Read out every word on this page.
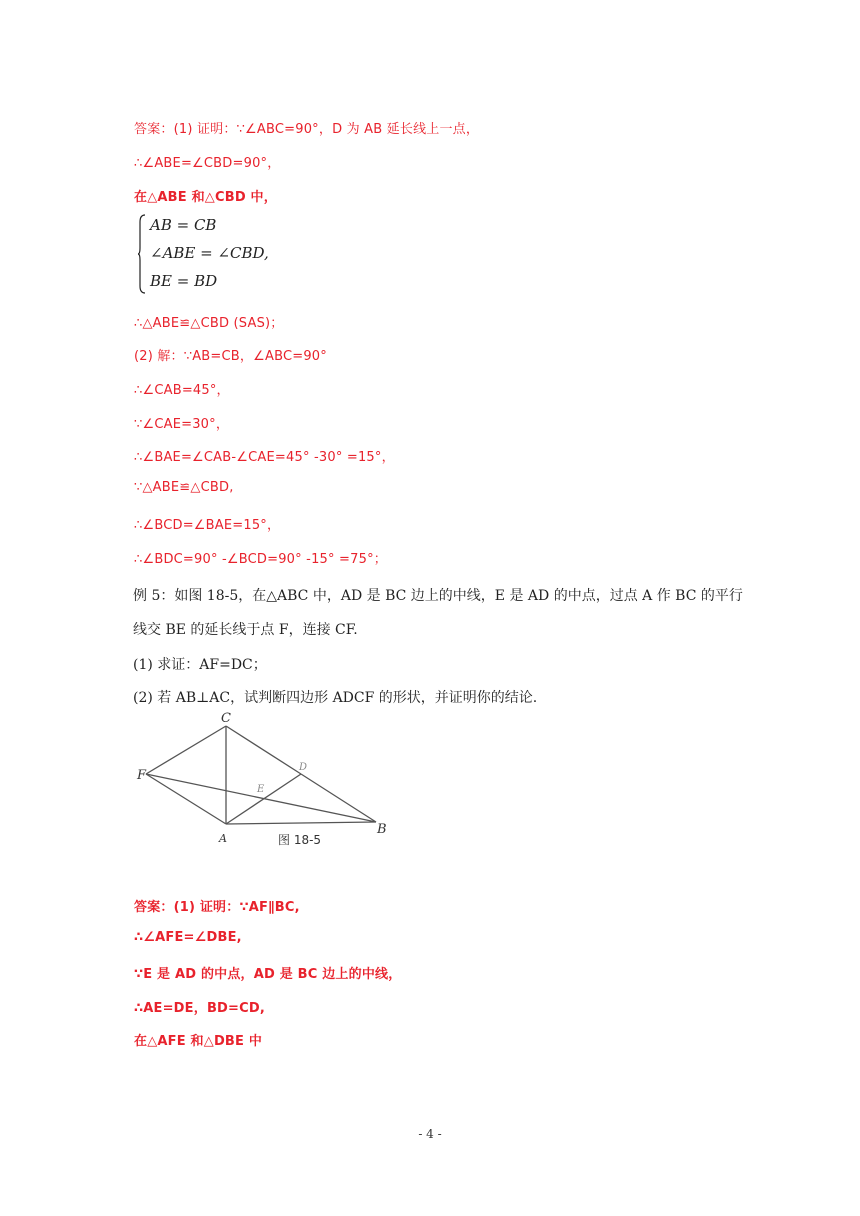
答案：(1) 证明：∵∠ABC=90°，D 为 AB 延长线上一点，

∴∠ABE=∠CBD=90°，

在△ABE 和△CBD 中，

AB = CB
∠ABE = ∠CBD,
BE = BD

∴△ABE≌△CBD (SAS)；

(2) 解：∵AB=CB，∠ABC=90°

∴∠CAB=45°，

∵∠CAE=30°，

∴∠BAE=∠CAB-∠CAE=45° -30° =15°，

∵△ABE≌△CBD,

∴∠BCD=∠BAE=15°，

∴∠BDC=90° -∠BCD=90° -15° =75°；

例 5：如图 18-5，在△ABC 中，AD 是 BC 边上的中线，E 是 AD 的中点，过点 A 作 BC 的平行

线交 BE 的延长线于点 F，连接 CF.

(1) 求证：AF=DC；

(2) 若 AB⊥AC，试判断四边形 ADCF 的形状，并证明你的结论.

C
F
D
E
A
B
图 18-5

答案：(1) 证明：∵AF∥BC,

∴∠AFE=∠DBE,

∵E 是 AD 的中点，AD 是 BC 边上的中线，

∴AE=DE，BD=CD,

在△AFE 和△DBE 中

- 4 -
